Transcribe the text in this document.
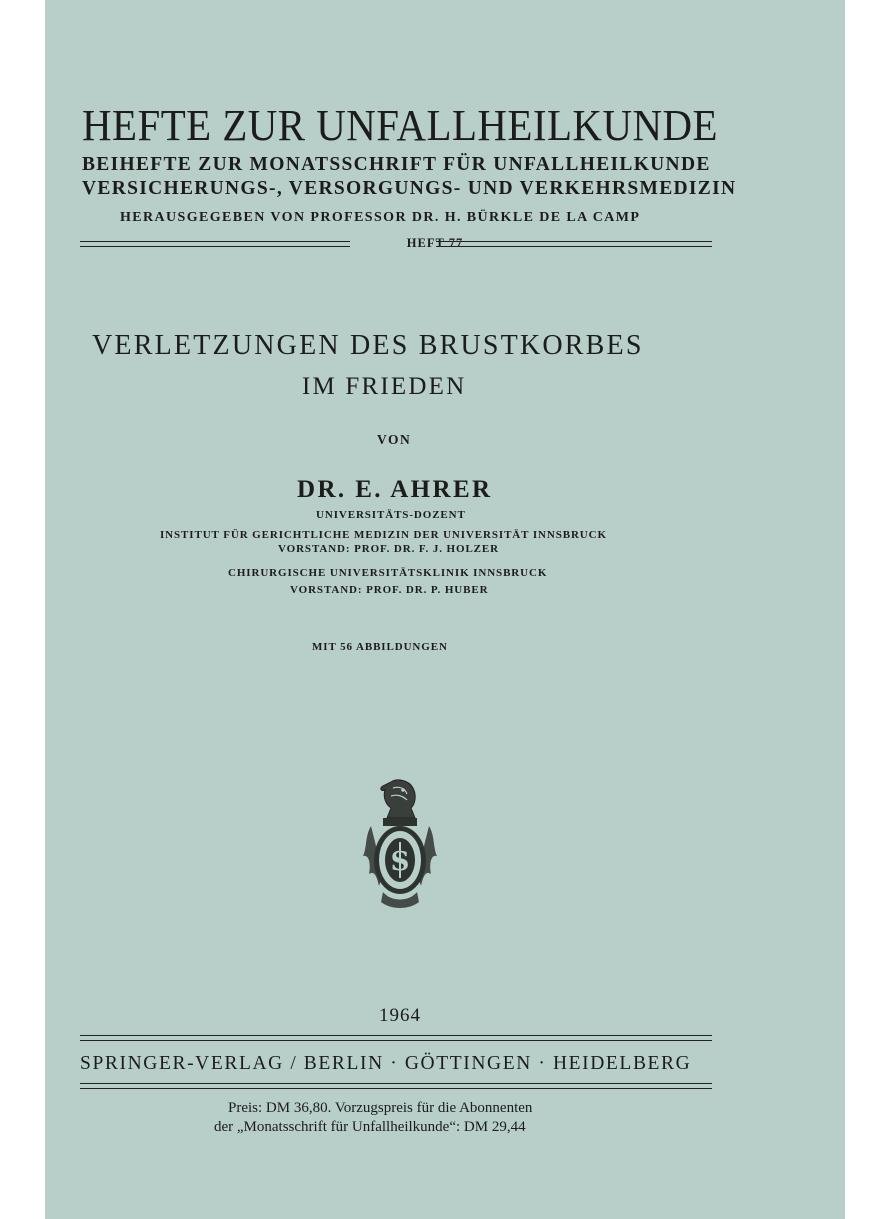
HEFTE ZUR UNFALLHEILKUNDE
BEIHEFTE ZUR MONATSSCHRIFT FÜR UNFALLHEILKUNDE
VERSICHERUNGS-, VERSORGUNGS- UND VERKEHRSMEDIZIN
HERAUSGEGEBEN VON PROFESSOR DR. H. BÜRKLE DE LA CAMP
HEFT 77
VERLETZUNGEN DES BRUSTKORBES
IM FRIEDEN
VON
DR. E. AHRER
UNIVERSITÄTS-DOZENT
INSTITUT FÜR GERICHTLICHE MEDIZIN DER UNIVERSITÄT INNSBRUCK
VORSTAND: PROF. DR. F. J. HOLZER
CHIRURGISCHE UNIVERSITÄTSKLINIK INNSBRUCK
VORSTAND: PROF. DR. P. HUBER
MIT 56 ABBILDUNGEN
S
1964
SPRINGER-VERLAG / BERLIN · GÖTTINGEN · HEIDELBERG
Preis: DM 36,80. Vorzugspreis für die Abonnenten
der „Monatsschrift für Unfallheilkunde“: DM 29,44
